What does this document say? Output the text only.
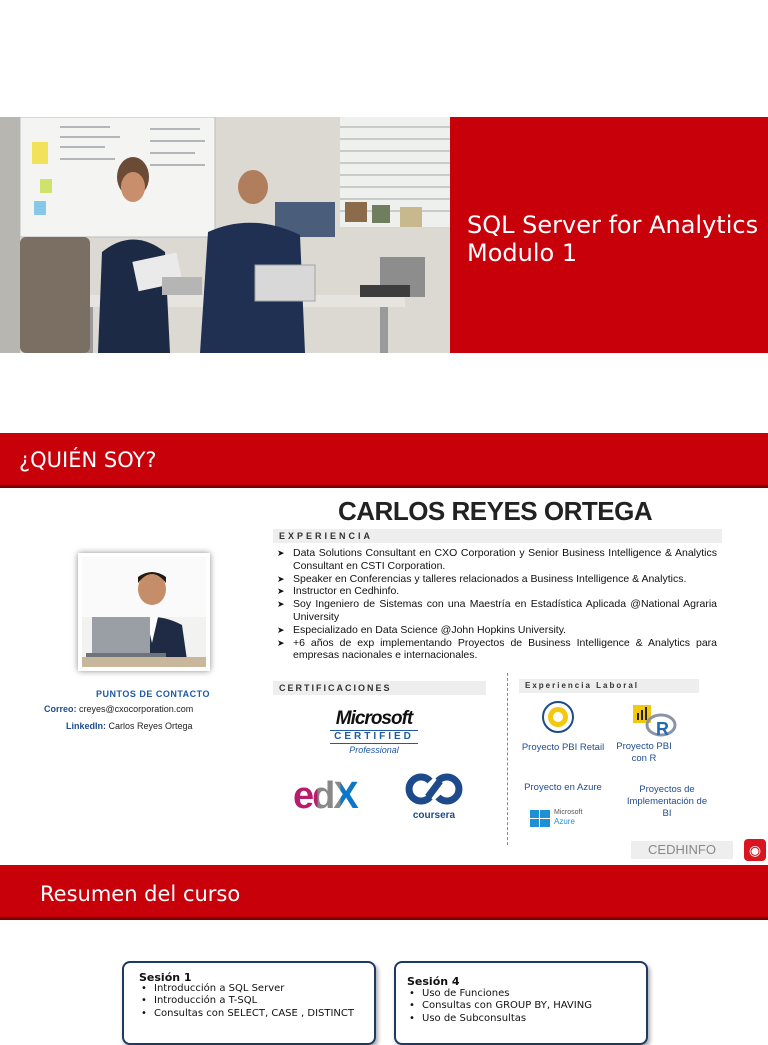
SQL Server for Analytics
Modulo 1
¿QUIÉN SOY?
CARLOS REYES ORTEGA
EXPERIENCIA
➤ Data Solutions Consultant en CXO Corporation y Senior Business Intelligence & Analytics Consultant en CSTI Corporation.
➤ Speaker en Conferencias y talleres relacionados a Business Intelligence & Analytics.
➤ Instructor en Cedhinfo.
➤ Soy Ingeniero de Sistemas con una Maestría en Estadística Aplicada @National Agraria University
➤ Especializado en Data Science @John Hopkins University.
➤ +6 años de exp implementando Proyectos de Business Intelligence & Analytics para empresas nacionales e internacionales.
PUNTOS DE CONTACTO
Correo: creyes@cxocorporation.com
LinkedIn: Carlos Reyes Ortega
CERTIFICACIONES	Experiencia Laboral
Microsoft
CERTIFIED
Professional
edX	coursera
R
Proyecto PBI Retail	Proyecto PBI con R
Proyecto en Azure	Proyectos de Implementación de BI
Microsoft
Azure
CEDHINFO	◉
Resumen del curso
Sesión 1
• Introducción a SQL Server
• Introducción a T-SQL
• Consultas con SELECT, CASE , DISTINCT
Sesión 4
• Uso de Funciones
• Consultas con GROUP BY, HAVING
• Uso de Subconsultas
